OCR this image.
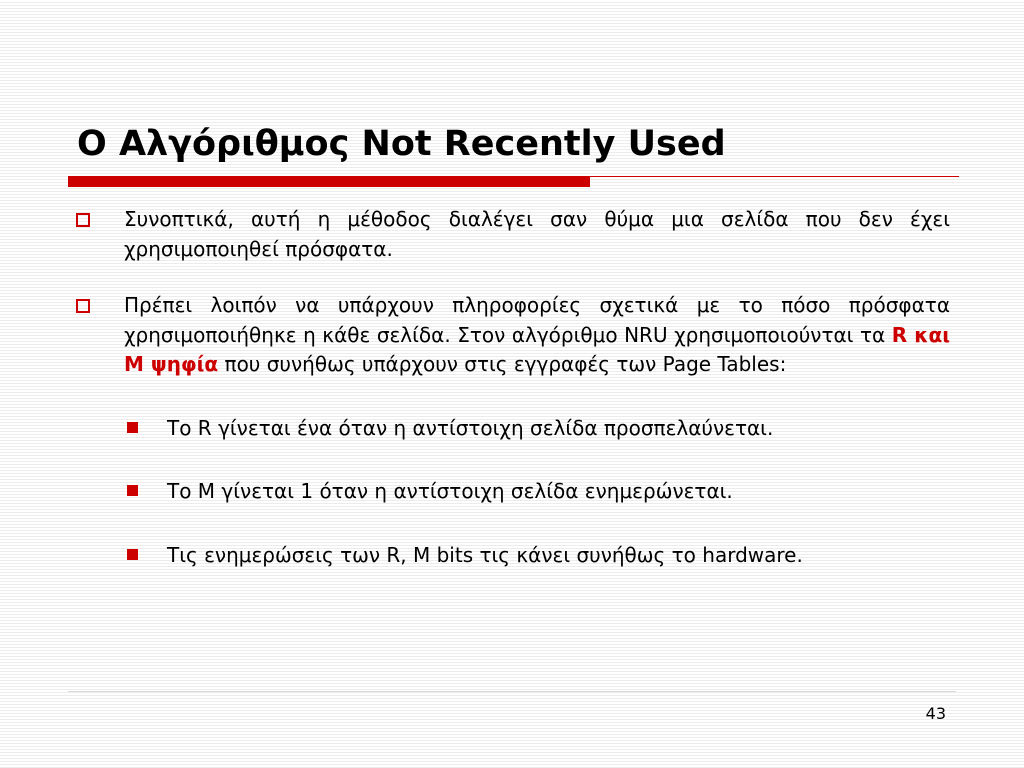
Ο Αλγόριθμος Not Recently Used
Συνοπτικά, αυτή η μέθοδος διαλέγει σαν θύμα μια σελίδα που δεν έχει χρησιμοποιηθεί πρόσφατα.
Πρέπει λοιπόν να υπάρχουν πληροφορίες σχετικά με το πόσο πρόσφατα χρησιμοποιήθηκε η κάθε σελίδα. Στον αλγόριθμο NRU χρησιμοποιούνται τα R και M ψηφία που συνήθως υπάρχουν στις εγγραφές των Page Tables:
Το R γίνεται ένα όταν η αντίστοιχη σελίδα προσπελαύνεται.
Το M γίνεται 1 όταν η αντίστοιχη σελίδα ενημερώνεται.
Τις ενημερώσεις των R, M bits τις κάνει συνήθως το hardware.
43
